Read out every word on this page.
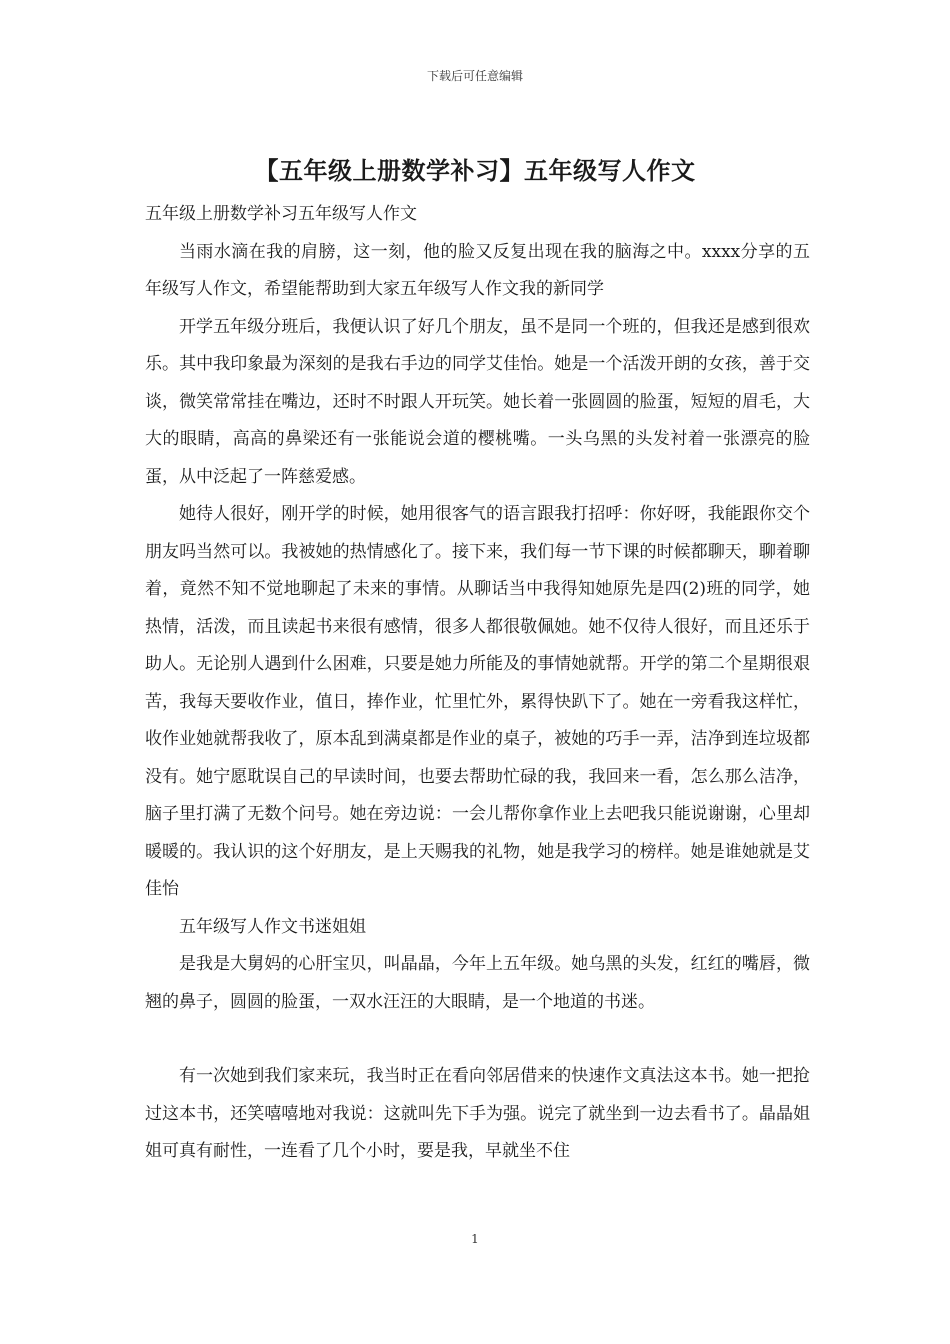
下载后可任意编辑
【五年级上册数学补习】五年级写人作文

五年级上册数学补习五年级写人作文

当雨水滴在我的肩膀，这一刻，他的脸又反复出现在我的脑海之中。xxxx分享的五年级写人作文，希望能帮助到大家五年级写人作文我的新同学

开学五年级分班后，我便认识了好几个朋友，虽不是同一个班的，但我还是感到很欢乐。其中我印象最为深刻的是我右手边的同学艾佳怡。她是一个活泼开朗的女孩，善于交谈，微笑常常挂在嘴边，还时不时跟人开玩笑。她长着一张圆圆的脸蛋，短短的眉毛，大大的眼睛，高高的鼻梁还有一张能说会道的樱桃嘴。一头乌黑的头发衬着一张漂亮的脸蛋，从中泛起了一阵慈爱感。

她待人很好，刚开学的时候，她用很客气的语言跟我打招呼：你好呀，我能跟你交个朋友吗当然可以。我被她的热情感化了。接下来，我们每一节下课的时候都聊天，聊着聊着，竟然不知不觉地聊起了未来的事情。从聊话当中我得知她原先是四(2)班的同学，她热情，活泼，而且读起书来很有感情，很多人都很敬佩她。她不仅待人很好，而且还乐于助人。无论别人遇到什么困难，只要是她力所能及的事情她就帮。开学的第二个星期很艰苦，我每天要收作业，值日，捧作业，忙里忙外，累得快趴下了。她在一旁看我这样忙，收作业她就帮我收了，原本乱到满桌都是作业的桌子，被她的巧手一弄，洁净到连垃圾都没有。她宁愿耽误自己的早读时间，也要去帮助忙碌的我，我回来一看，怎么那么洁净，脑子里打满了无数个问号。她在旁边说：一会儿帮你拿作业上去吧我只能说谢谢，心里却暖暖的。我认识的这个好朋友，是上天赐我的礼物，她是我学习的榜样。她是谁她就是艾佳怡

五年级写人作文书迷姐姐

是我是大舅妈的心肝宝贝，叫晶晶，今年上五年级。她乌黑的头发，红红的嘴唇，微翘的鼻子，圆圆的脸蛋，一双水汪汪的大眼睛，是一个地道的书迷。

有一次她到我们家来玩，我当时正在看向邻居借来的快速作文真法这本书。她一把抢过这本书，还笑嘻嘻地对我说：这就叫先下手为强。说完了就坐到一边去看书了。晶晶姐姐可真有耐性，一连看了几个小时，要是我，早就坐不住

1
